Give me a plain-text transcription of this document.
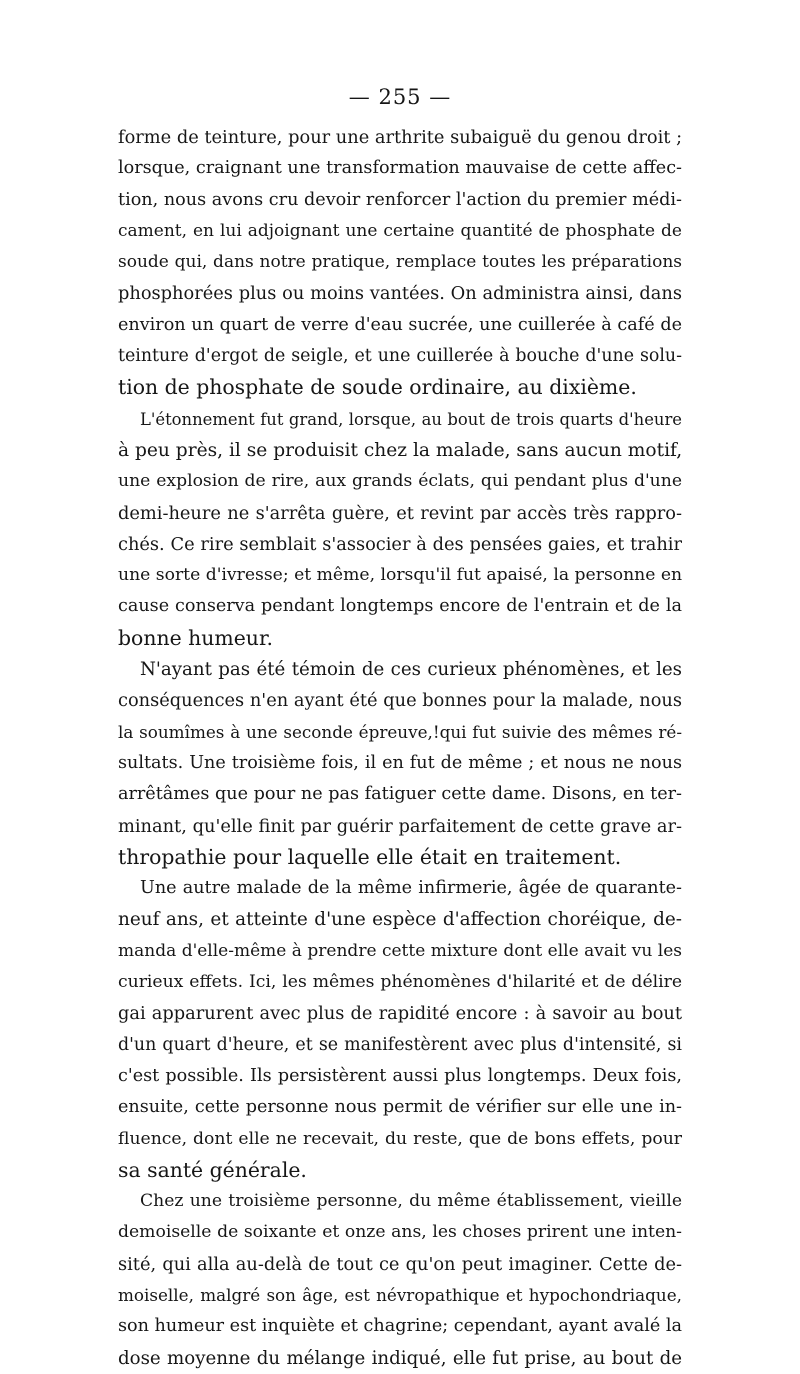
— 255 —
forme de teinture, pour une arthrite subaiguë du genou droit ;
lorsque, craignant une transformation mauvaise de cette affec-
tion, nous avons cru devoir renforcer l'action du premier médi-
cament, en lui adjoignant une certaine quantité de phosphate de
soude qui, dans notre pratique, remplace toutes les préparations
phosphorées plus ou moins vantées. On administra ainsi, dans
environ un quart de verre d'eau sucrée, une cuillerée à café de
teinture d'ergot de seigle, et une cuillerée à bouche d'une solu-
tion de phosphate de soude ordinaire, au dixième.
L'étonnement fut grand, lorsque, au bout de trois quarts d'heure
à peu près, il se produisit chez la malade, sans aucun motif,
une explosion de rire, aux grands éclats, qui pendant plus d'une
demi-heure ne s'arrêta guère, et revint par accès très rappro-
chés. Ce rire semblait s'associer à des pensées gaies, et trahir
une sorte d'ivresse; et même, lorsqu'il fut apaisé, la personne en
cause conserva pendant longtemps encore de l'entrain et de la
bonne humeur.
N'ayant pas été témoin de ces curieux phénomènes, et les
conséquences n'en ayant été que bonnes pour la malade, nous
la soumîmes à une seconde épreuve,!qui fut suivie des mêmes ré-
sultats. Une troisième fois, il en fut de même ; et nous ne nous
arrêtâmes que pour ne pas fatiguer cette dame. Disons, en ter-
minant, qu'elle finit par guérir parfaitement de cette grave ar-
thropathie pour laquelle elle était en traitement.
Une autre malade de la même infirmerie, âgée de quarante-
neuf ans, et atteinte d'une espèce d'affection choréique, de-
manda d'elle-même à prendre cette mixture dont elle avait vu les
curieux effets. Ici, les mêmes phénomènes d'hilarité et de délire
gai apparurent avec plus de rapidité encore : à savoir au bout
d'un quart d'heure, et se manifestèrent avec plus d'intensité, si
c'est possible. Ils persistèrent aussi plus longtemps. Deux fois,
ensuite, cette personne nous permit de vérifier sur elle une in-
fluence, dont elle ne recevait, du reste, que de bons effets, pour
sa santé générale.
Chez une troisième personne, du même établissement, vieille
demoiselle de soixante et onze ans, les choses prirent une inten-
sité, qui alla au-delà de tout ce qu'on peut imaginer. Cette de-
moiselle, malgré son âge, est névropathique et hypochondriaque,
son humeur est inquiète et chagrine; cependant, ayant avalé la
dose moyenne du mélange indiqué, elle fut prise, au bout de
